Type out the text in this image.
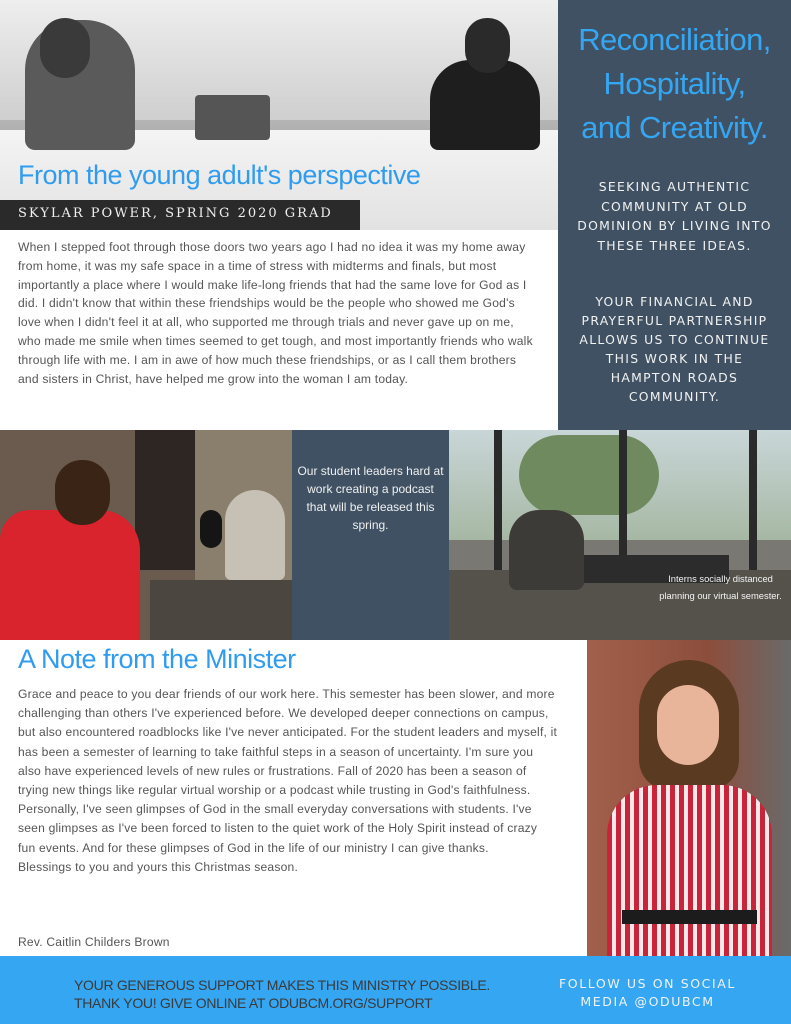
From the young adult's perspective
SKYLAR POWER, SPRING 2020 GRAD

When I stepped foot through those doors two years ago I had no idea it was my home away from home, it was my safe space in a time of stress with midterms and finals, but most importantly a place where I would make life-long friends that had the same love for God as I did. I didn't know that within these friendships would be the people who showed me God's love when I didn't feel it at all, who supported me through trials and never gave up on me, who made me smile when times seemed to get tough, and most importantly friends who walk through life with me. I am in awe of how much these friendships, or as I call them brothers and sisters in Christ, have helped me grow into the woman I am today.

Reconciliation,
Hospitality,
and Creativity.
SEEKING AUTHENTIC COMMUNITY AT OLD DOMINION BY LIVING INTO THESE THREE IDEAS.
YOUR FINANCIAL AND PRAYERFUL PARTNERSHIP ALLOWS US TO CONTINUE THIS WORK IN THE HAMPTON ROADS COMMUNITY.
Our student leaders hard at work creating a podcast that will be released this spring.
Interns socially distanced planning our virtual semester.
A Note from the Minister
Grace and peace to you dear friends of our work here. This semester has been slower, and more challenging than others I've experienced before. We developed deeper connections on campus, but also encountered roadblocks like I've never anticipated. For the student leaders and myself, it has been a semester of learning to take faithful steps in a season of uncertainty. I'm sure you also have experienced levels of new rules or frustrations. Fall of 2020 has been a season of trying new things like regular virtual worship or a podcast while trusting in God's faithfulness. Personally, I've seen glimpses of God in the small everyday conversations with students. I've seen glimpses as I've been forced to listen to the quiet work of the Holy Spirit instead of crazy fun events. And for these glimpses of God in the life of our ministry I can give thanks.
Blessings to you and yours this Christmas season.
Rev. Caitlin Childers Brown
YOUR GENEROUS SUPPORT MAKES THIS MINISTRY POSSIBLE.
THANK YOU! GIVE ONLINE AT ODUBCM.ORG/SUPPORT
FOLLOW US ON SOCIAL
MEDIA @ODUBCM
